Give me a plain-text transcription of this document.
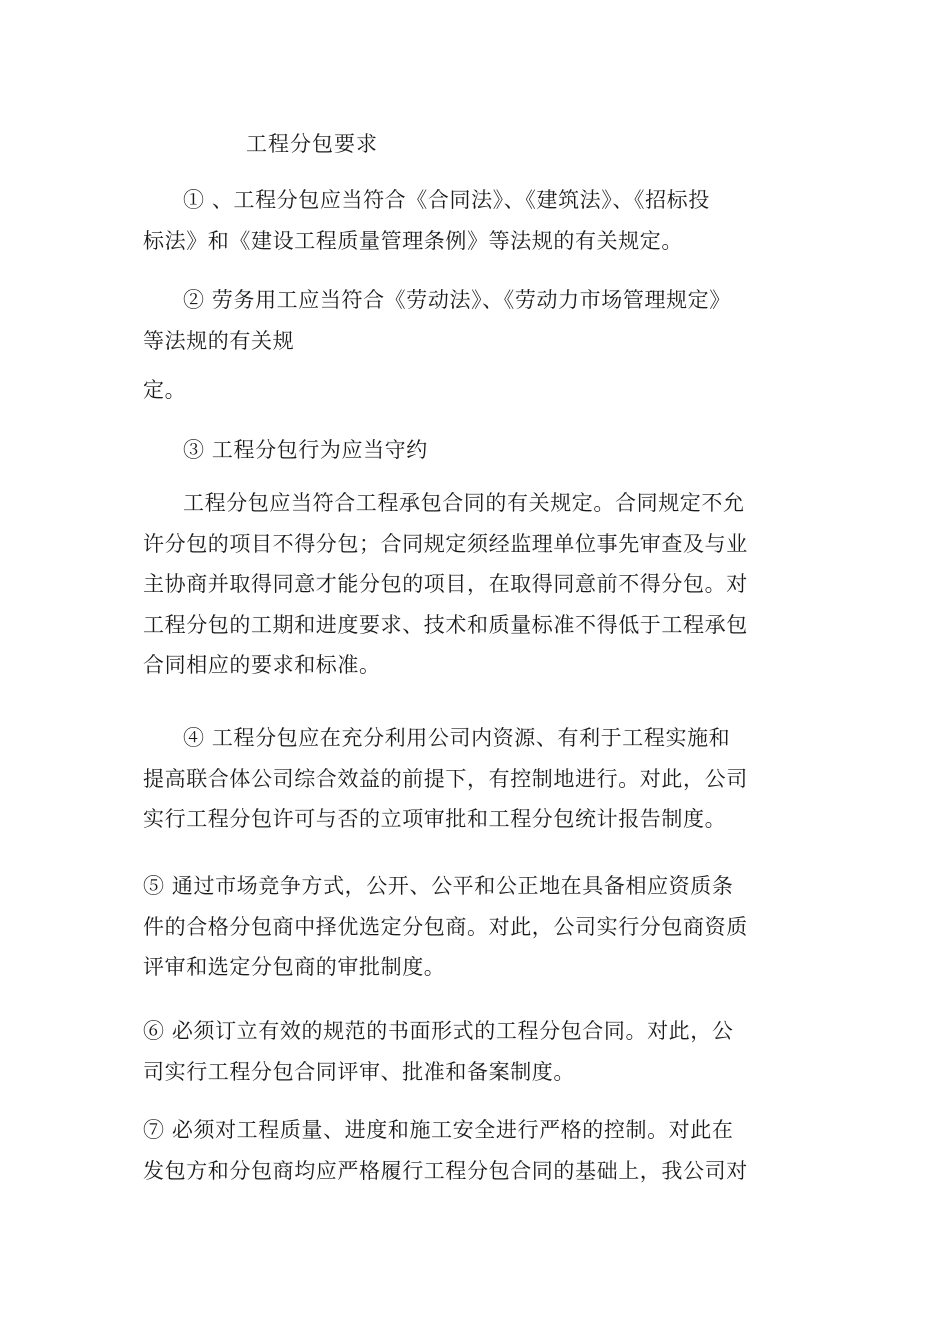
工程分包要求
① 、工程分包应当符合《合同法》、《建筑法》、《招标投
标法》和《建设工程质量管理条例》等法规的有关规定。
② 劳务用工应当符合《劳动法》、《劳动力市场管理规定》
等法规的有关规
定。
③ 工程分包行为应当守约
工程分包应当符合工程承包合同的有关规定。合同规定不允
许分包的项目不得分包；合同规定须经监理单位事先审查及与业
主协商并取得同意才能分包的项目，在取得同意前不得分包。对
工程分包的工期和进度要求、技术和质量标准不得低于工程承包
合同相应的要求和标准。
④ 工程分包应在充分利用公司内资源、有利于工程实施和
提高联合体公司综合效益的前提下，有控制地进行。对此，公司
实行工程分包许可与否的立项审批和工程分包统计报告制度。
⑤ 通过市场竞争方式，公开、公平和公正地在具备相应资质条
件的合格分包商中择优选定分包商。对此，公司实行分包商资质
评审和选定分包商的审批制度。
⑥ 必须订立有效的规范的书面形式的工程分包合同。对此，公
司实行工程分包合同评审、批准和备案制度。
⑦ 必须对工程质量、进度和施工安全进行严格的控制。对此在
发包方和分包商均应严格履行工程分包合同的基础上，我公司对
